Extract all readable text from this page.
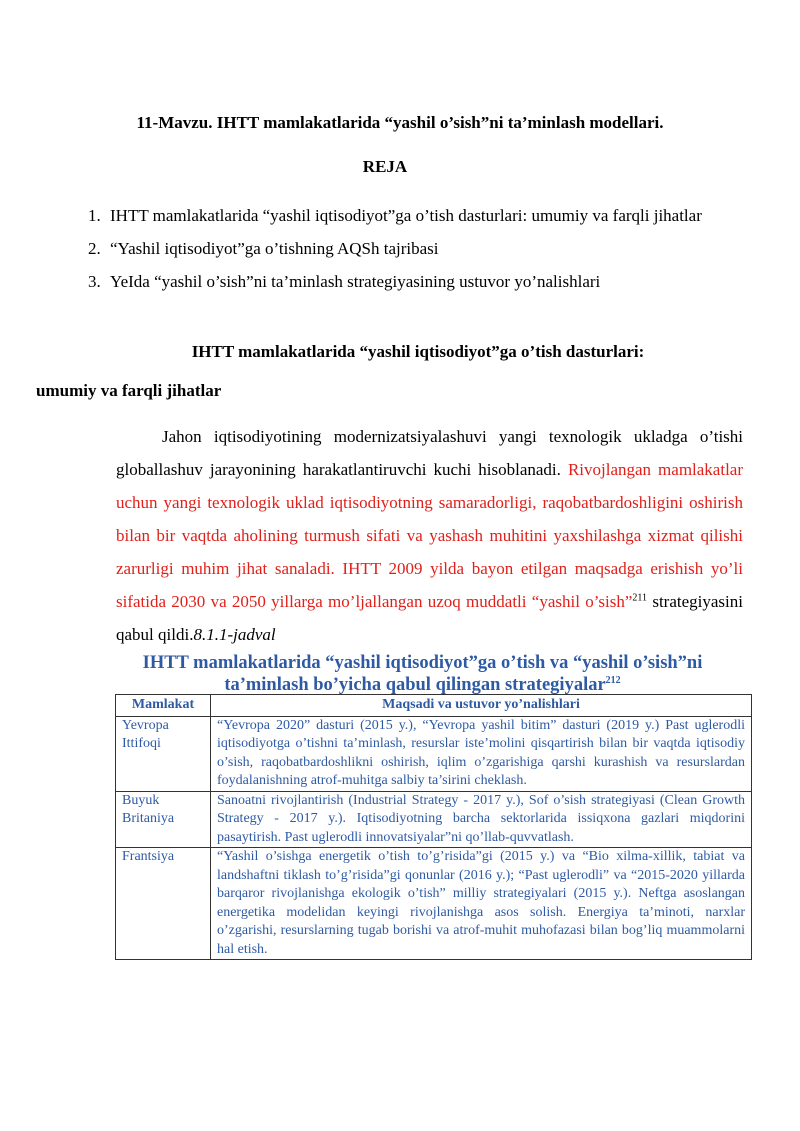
11-Mavzu. IHTT mamlakatlarida “yashil o’sish”ni ta’minlash modellari.
REJA
1. IHTT mamlakatlarida “yashil iqtisodiyot”ga o’tish dasturlari: umumiy va farqli jihatlar
2. “Yashil iqtisodiyot”ga o’tishning AQSh tajribasi
3. YeIda “yashil o’sish”ni ta’minlash strategiyasining ustuvor yo’nalishlari
IHTT mamlakatlarida “yashil iqtisodiyot”ga o’tish dasturlari:
umumiy va farqli jihatlar
Jahon iqtisodiyotining modernizatsiyalashuvi yangi texnologik ukladga o’tishi globallashuv jarayonining harakatlantiruvchi kuchi hisoblanadi. Rivojlangan mamlakatlar uchun yangi texnologik uklad iqtisodiyotning samaradorligi, raqobatbardoshligini oshirish bilan bir vaqtda aholining turmush sifati va yashash muhitini yaxshilashga xizmat qilishi zarurligi muhim jihat sanaladi. IHTT 2009 yilda bayon etilgan maqsadga erishish yo’li sifatida 2030 va 2050 yillarga mo’ljallangan uzoq muddatli “yashil o’sish”$^{211}$ strategiyasini qabul qildi.8.1.1-jadval
IHTT mamlakatlarida “yashil iqtisodiyot”ga o’tish va “yashil o’sish”ni ta’minlash bo’yicha qabul qilingan strategiyalar$^{212}$
Mamlakat	Maqsadi va ustuvor yo’nalishlari
Yevropa Ittifoqi	“Yevropa 2020” dasturi (2015 y.), “Yevropa yashil bitim” dasturi (2019 y.) Past uglerodli iqtisodiyotga o’tishni ta’minlash, resurslar iste’molini qisqartirish bilan bir vaqtda iqtisodiy o’sish, raqobatbardoshlikni oshirish, iqlim o’zgarishiga qarshi kurashish va resurslardan foydalanishning atrof-muhitga salbiy ta’sirini cheklash.
Buyuk Britaniya	Sanoatni rivojlantirish (Industrial Strategy - 2017 y.), Sof o’sish strategiyasi (Clean Growth Strategy - 2017 y.). Iqtisodiyotning barcha sektorlarida issiqxona gazlari miqdorini pasaytirish. Past uglerodli innovatsiyalar”ni qo’llab-quvvatlash.
Frantsiya	“Yashil o’sishga energetik o’tish to’g’risida”gi (2015 y.) va “Bio xilma-xillik, tabiat va landshaftni tiklash to’g’risida”gi qonunlar (2016 y.); “Past uglerodli” va “2015-2020 yillarda barqaror rivojlanishga ekologik o’tish” milliy strategiyalari (2015 y.). Neftga asoslangan energetika modelidan keyingi rivojlanishga asos solish. Energiya ta’minoti, narxlar o’zgarishi, resurslarning tugab borishi va atrof-muhit muhofazasi bilan bog’liq muammolarni hal etish.
